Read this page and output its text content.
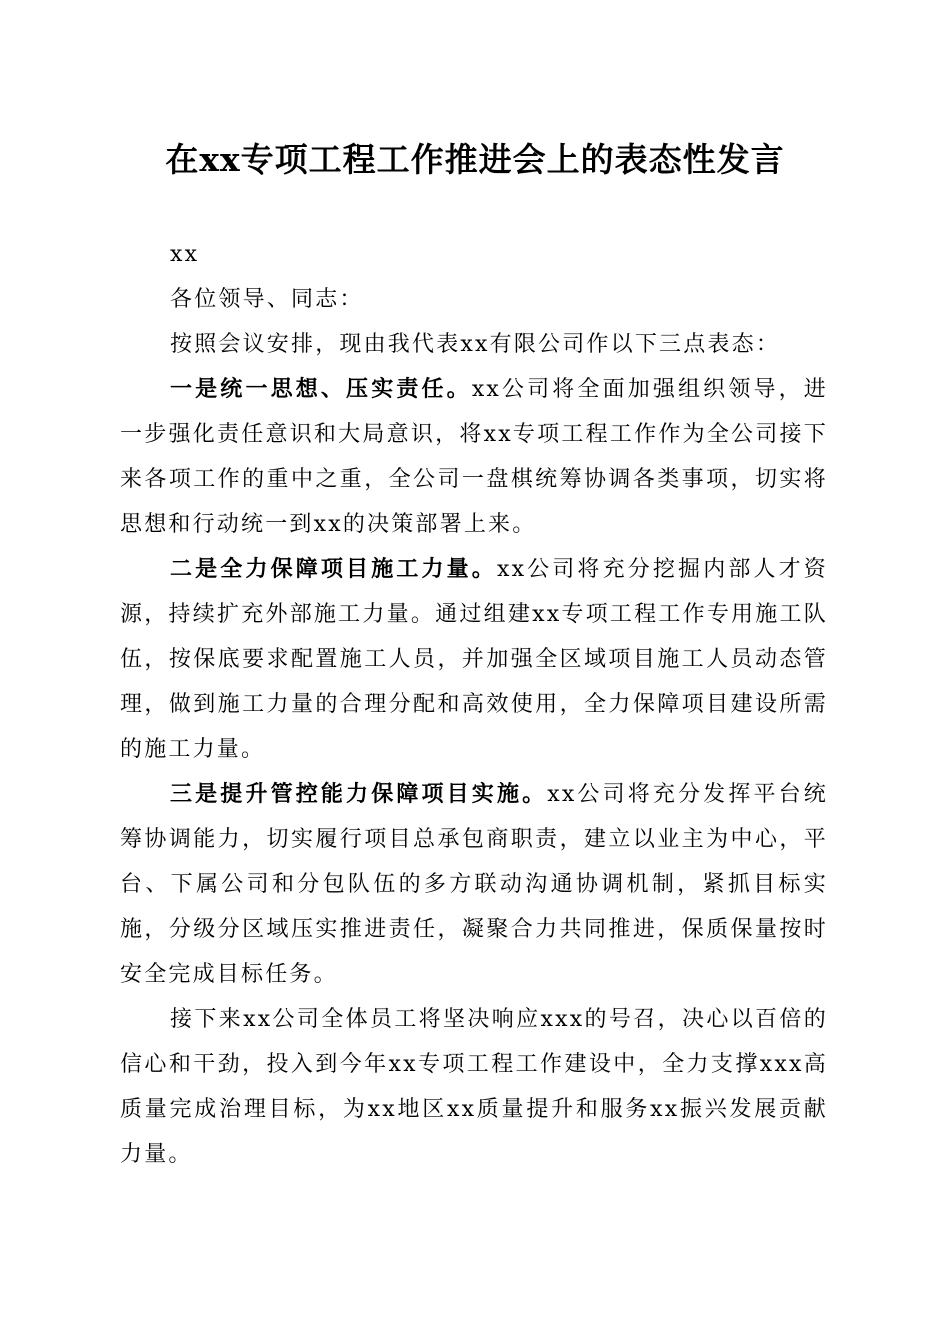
在xx专项工程工作推进会上的表态性发言

xx

各位领导、同志：

按照会议安排，现由我代表xx有限公司作以下三点表态：

一是统一思想、压实责任。xx公司将全面加强组织领导，进一步强化责任意识和大局意识，将xx专项工程工作作为全公司接下来各项工作的重中之重，全公司一盘棋统筹协调各类事项，切实将思想和行动统一到xx的决策部署上来。

二是全力保障项目施工力量。xx公司将充分挖掘内部人才资源，持续扩充外部施工力量。通过组建xx专项工程工作专用施工队伍，按保底要求配置施工人员，并加强全区域项目施工人员动态管理，做到施工力量的合理分配和高效使用，全力保障项目建设所需的施工力量。

三是提升管控能力保障项目实施。xx公司将充分发挥平台统筹协调能力，切实履行项目总承包商职责，建立以业主为中心，平台、下属公司和分包队伍的多方联动沟通协调机制，紧抓目标实施，分级分区域压实推进责任，凝聚合力共同推进，保质保量按时安全完成目标任务。

接下来xx公司全体员工将坚决响应xxx的号召，决心以百倍的信心和干劲，投入到今年xx专项工程工作建设中，全力支撑xxx高质量完成治理目标，为xx地区xx质量提升和服务xx振兴发展贡献力量。
